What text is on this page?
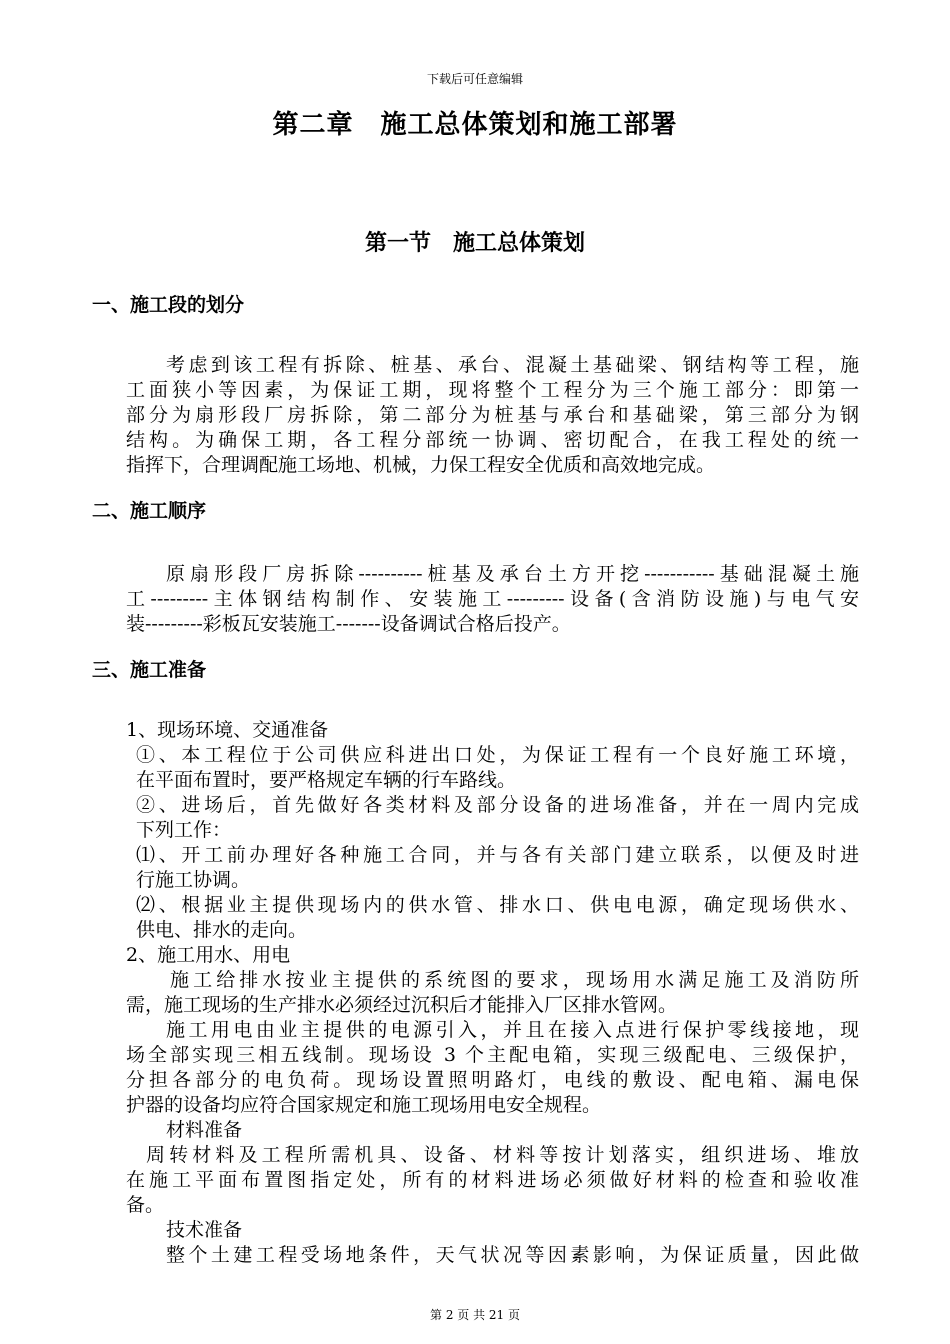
下载后可任意编辑
第二章　施工总体策划和施工部署
第一节　施工总体策划
一、施工段的划分
考虑到该工程有拆除、桩基、承台、混凝土基础梁、钢结构等工程，施
工面狭小等因素，为保证工期，现将整个工程分为三个施工部分：即第一
部分为扇形段厂房拆除，第二部分为桩基与承台和基础梁，第三部分为钢
结构。为确保工期，各工程分部统一协调、密切配合，在我工程处的统一
指挥下，合理调配施工场地、机械，力保工程安全优质和高效地完成。
二、施工顺序
原扇形段厂房拆除----------桩基及承台土方开挖-----------基础混凝土施
工---------主体钢结构制作、安装施工---------设备(含消防设施)与电气安
装---------彩板瓦安装施工-------设备调试合格后投产。
三、施工准备
1、现场环境、交通准备
①、本工程位于公司供应科进出口处，为保证工程有一个良好施工环境，
在平面布置时，要严格规定车辆的行车路线。
②、进场后，首先做好各类材料及部分设备的进场准备，并在一周内完成
下列工作：
⑴、开工前办理好各种施工合同，并与各有关部门建立联系，以便及时进
行施工协调。
⑵、根据业主提供现场内的供水管、排水口、供电电源，确定现场供水、
供电、排水的走向。
2、施工用水、用电
施工给排水按业主提供的系统图的要求，现场用水满足施工及消防所
需，施工现场的生产排水必须经过沉积后才能排入厂区排水管网。
施工用电由业主提供的电源引入，并且在接入点进行保护零线接地，现
场全部实现三相五线制。现场设 3 个主配电箱，实现三级配电、三级保护，
分担各部分的电负荷。现场设置照明路灯，电线的敷设、配电箱、漏电保
护器的设备均应符合国家规定和施工现场用电安全规程。
材料准备
周转材料及工程所需机具、设备、材料等按计划落实，组织进场、堆放
在施工平面布置图指定处，所有的材料进场必须做好材料的检查和验收准
备。
技术准备
整个土建工程受场地条件，天气状况等因素影响，为保证质量，因此做
第 2 页 共 21 页
